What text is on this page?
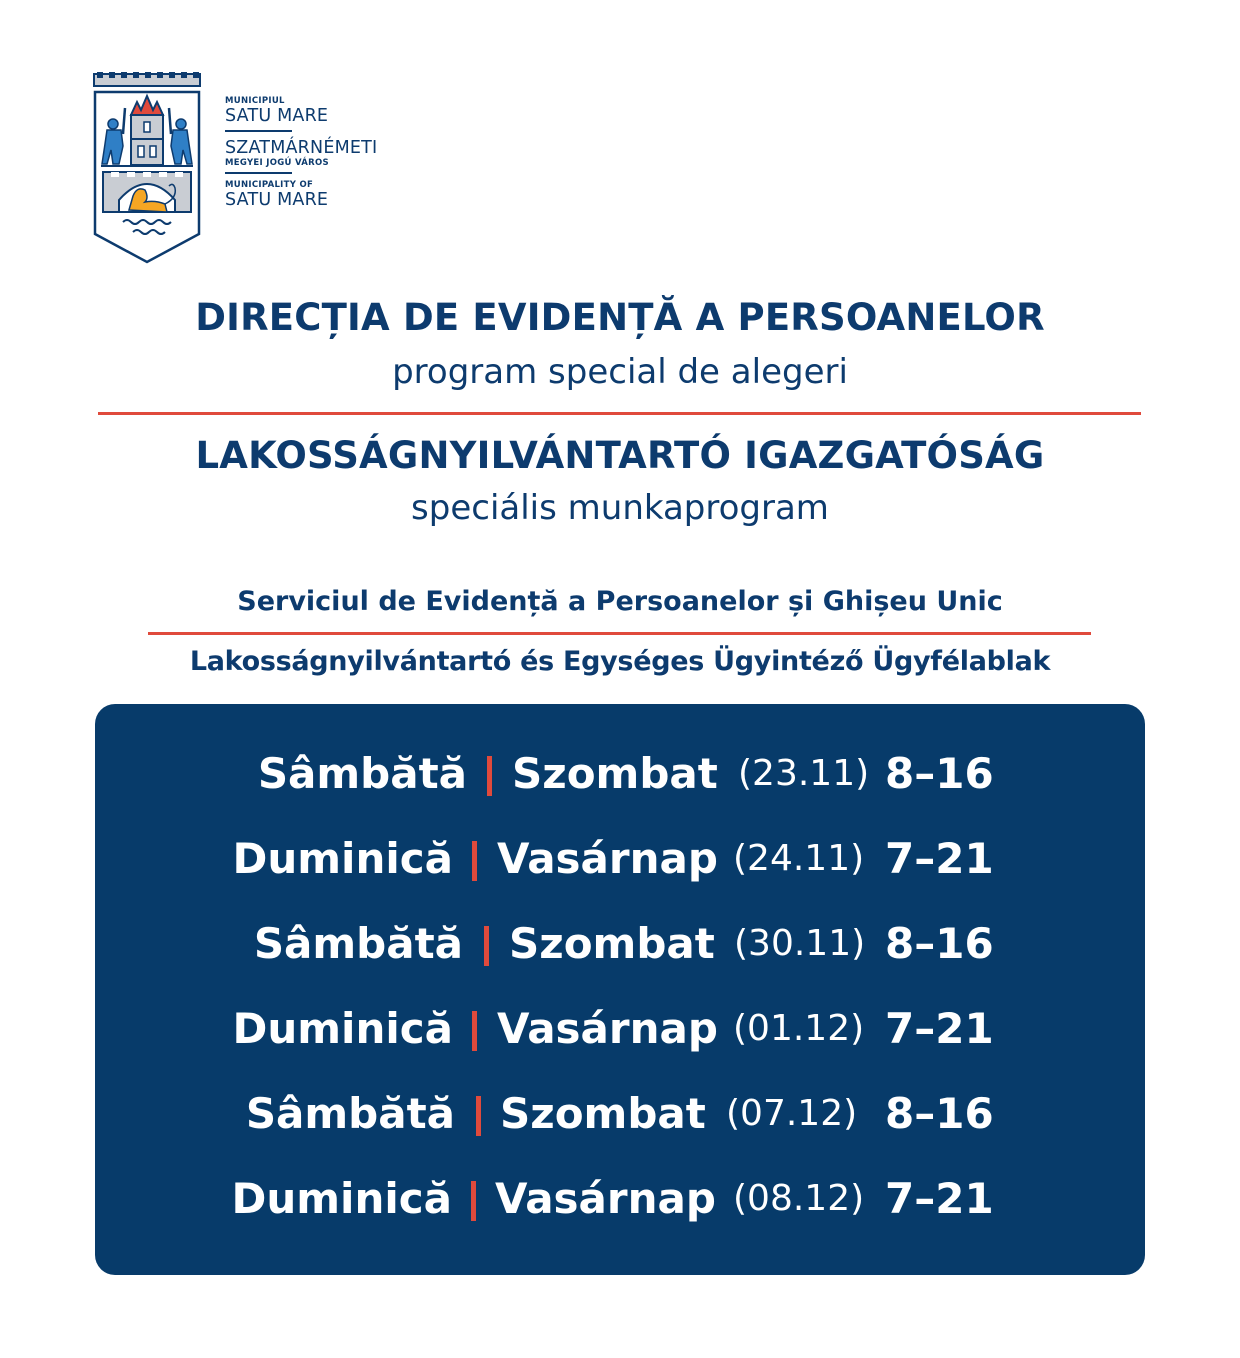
MUNICIPIUL
SATU MARE
SZATMÁRNÉMETI
MEGYEI JOGÚ VÁROS
MUNICIPALITY OF
SATU MARE
DIRECȚIA DE EVIDENȚĂ A PERSOANELOR
program special de alegeri
LAKOSSÁGNYILVÁNTARTÓ IGAZGATÓSÁG
speciális munkaprogram
Serviciul de Evidență a Persoanelor și Ghișeu Unic
Lakosságnyilvántartó és Egységes Ügyintéző Ügyfélablak
Sâmbătă Szombat (23.11) 8–16
Duminică Vasárnap (24.11) 7–21
Sâmbătă Szombat (30.11) 8–16
Duminică Vasárnap (01.12) 7–21
Sâmbătă Szombat (07.12) 8–16
Duminică Vasárnap (08.12) 7–21
